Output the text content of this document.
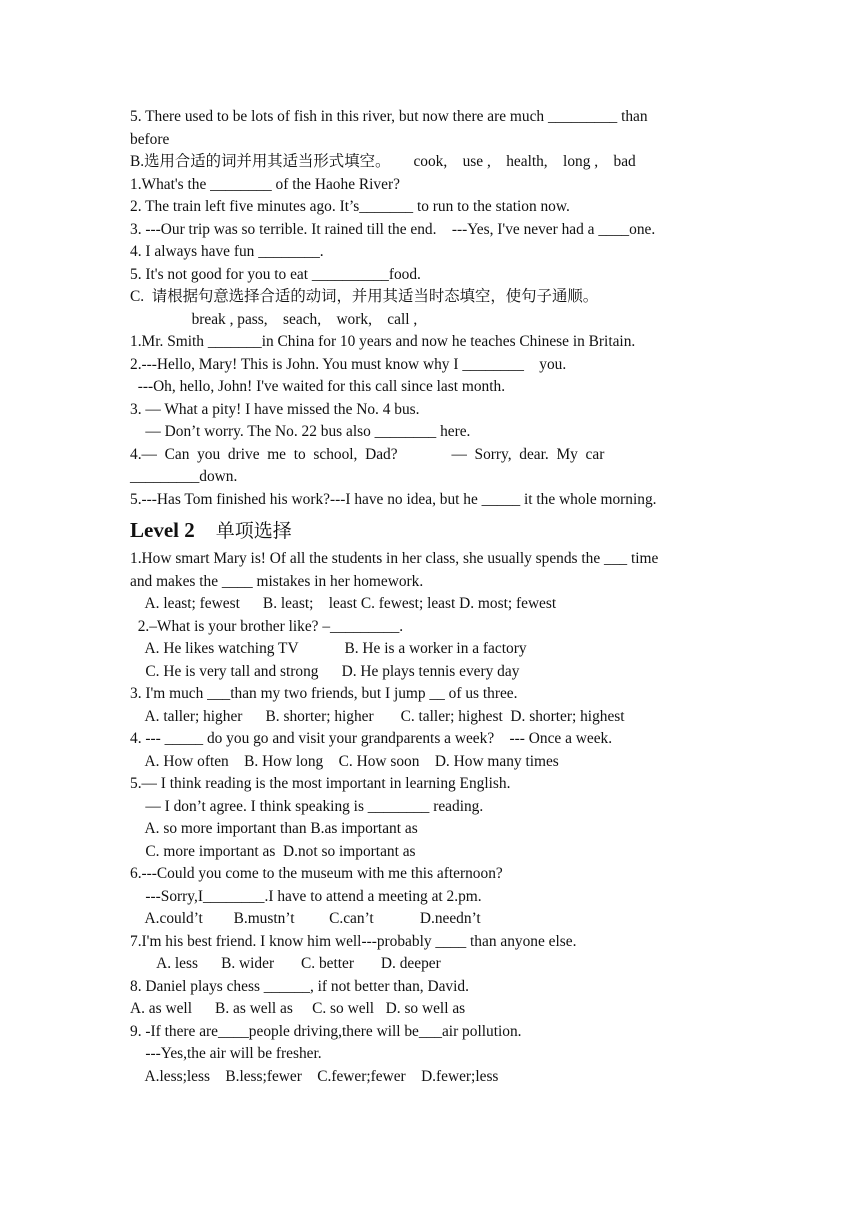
5. There used to be lots of fish in this river, but now there are much _________ than
before
B.选用合适的词并用其适当形式填空。      cook,    use ,    health,    long ,    bad
1.What's the ________ of the Haohe River?
2. The train left five minutes ago. It’s_______ to run to the station now.
3. ---Our trip was so terrible. It rained till the end.    ---Yes, I've never had a ____one.
4. I always have fun ________.
5. It's not good for you to eat __________food.
C.  请根据句意选择合适的动词，并用其适当时态填空，使句子通顺。
break , pass,    seach,    work,    call ,
1.Mr. Smith _______in China for 10 years and now he teaches Chinese in Britain.
2.---Hello, Mary! This is John. You must know why I ________    you.
---Oh, hello, John! I've waited for this call since last month.
3. — What a pity! I have missed the No. 4 bus.
— Don’t worry. The No. 22 bus also ________ here.
4.—  Can  you  drive  me  to  school,  Dad?              —  Sorry,  dear.  My  car
_________down.
5.---Has Tom finished his work?---I have no idea, but he _____ it the whole morning.
Level 2 单项选择
1.How smart Mary is! Of all the students in her class, she usually spends the ___ time
and makes the ____ mistakes in her homework.
A. least; fewest      B. least;    least C. fewest; least D. most; fewest
2.–What is your brother like? –_________.
A. He likes watching TV            B. He is a worker in a factory
C. He is very tall and strong      D. He plays tennis every day
3. I'm much ___than my two friends, but I jump __ of us three.
A. taller; higher      B. shorter; higher       C. taller; highest  D. shorter; highest
4. --- _____ do you go and visit your grandparents a week?    --- Once a week.
A. How often    B. How long    C. How soon    D. How many times
5.— I think reading is the most important in learning English.
— I don’t agree. I think speaking is ________ reading.
A. so more important than B.as important as
C. more important as  D.not so important as
6.---Could you come to the museum with me this afternoon?
---Sorry,I________.I have to attend a meeting at 2.pm.
A.could’t        B.mustn’t         C.can’t            D.needn’t
7.I'm his best friend. I know him well---probably ____ than anyone else.
A. less      B. wider       C. better       D. deeper
8. Daniel plays chess ______, if not better than, David.
A. as well      B. as well as     C. so well   D. so well as
9. -If there are____people driving,there will be___air pollution.
---Yes,the air will be fresher.
A.less;less    B.less;fewer    C.fewer;fewer    D.fewer;less
